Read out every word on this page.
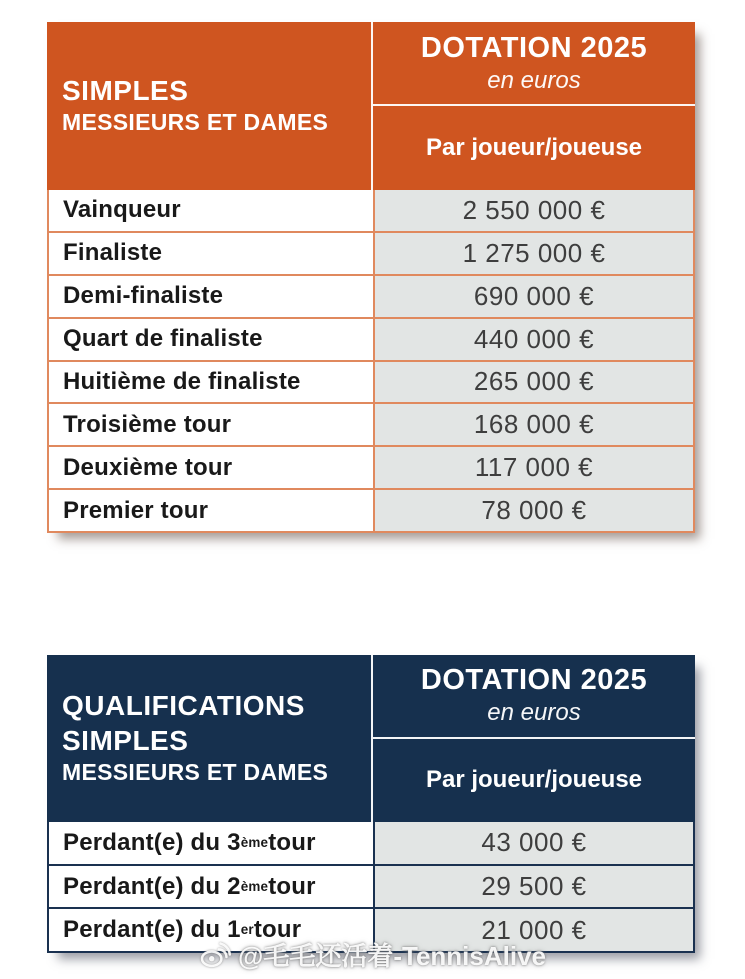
SIMPLES
MESSIEURS ET DAMES
DOTATION 2025
en euros
Par joueur/joueuse
Vainqueur	2 550 000 €
Finaliste	1 275 000 €
Demi-finaliste	690 000 €
Quart de finaliste	440 000 €
Huitième de finaliste	265 000 €
Troisième tour	168 000 €
Deuxième tour	117 000 €
Premier tour	78 000 €
QUALIFICATIONS
SIMPLES
MESSIEURS ET DAMES
DOTATION 2025
en euros
Par joueur/joueuse
Perdant(e) du 3 ème tour	43 000 €
Perdant(e) du 2 ème tour	29 500 €
Perdant(e) du 1 er tour	21 000 €
@毛毛还活着-TennisAlive
